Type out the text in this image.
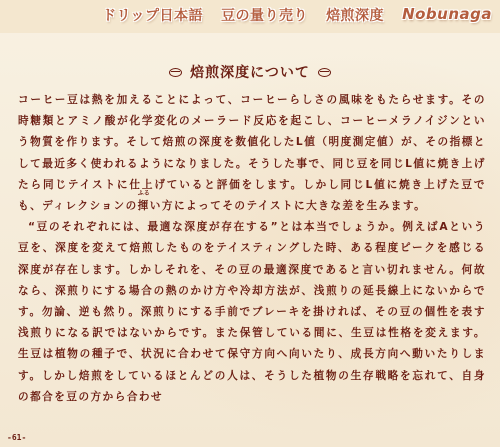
ドリップ日本語 豆の量り売り 焙煎深度 Nobunaga
焙煎深度について

コーヒー豆は熱を加えることによって、コーヒーらしさの風味をもたらせます。その時糖類とアミノ酸が化学変化のメーラード反応を起こし、コーヒーメラノイジンという物質を作ります。そして焙煎の深度を数値化したL値（明度測定値）が、その指標として最近多く使われるようになりました。そうした事で、同じ豆を同じL値に焼き上げたら同じテイストに仕上げていると評価をします。しかし同じL値に焼き上げた豆でも、ディレクションの
ふる
揮い方によってそのテイストに大きな差を生みます。

“豆のそれぞれには、最適な深度が存在する”とは本当でしょうか。例えばAという豆を、深度を変えて焙煎したものをテイスティングした時、ある程度ピークを感じる深度が存在します。しかしそれを、その豆の最適深度であると言い切れません。何故なら、深煎りにする場合の熱のかけ方や冷却方法が、浅煎りの延長線上にないからです。勿論、逆も然り。深煎りにする手前でブレーキを掛ければ、その豆の個性を表す浅煎りになる訳ではないからです。また保管している間に、生豆は性格を変えます。生豆は植物の種子で、状況に合わせて保守方向へ向いたり、成長方向へ動いたりします。しかし焙煎をしているほとんどの人は、そうした植物の生存戦略を忘れて、自身の都合を豆の方から合わせ

-61-
